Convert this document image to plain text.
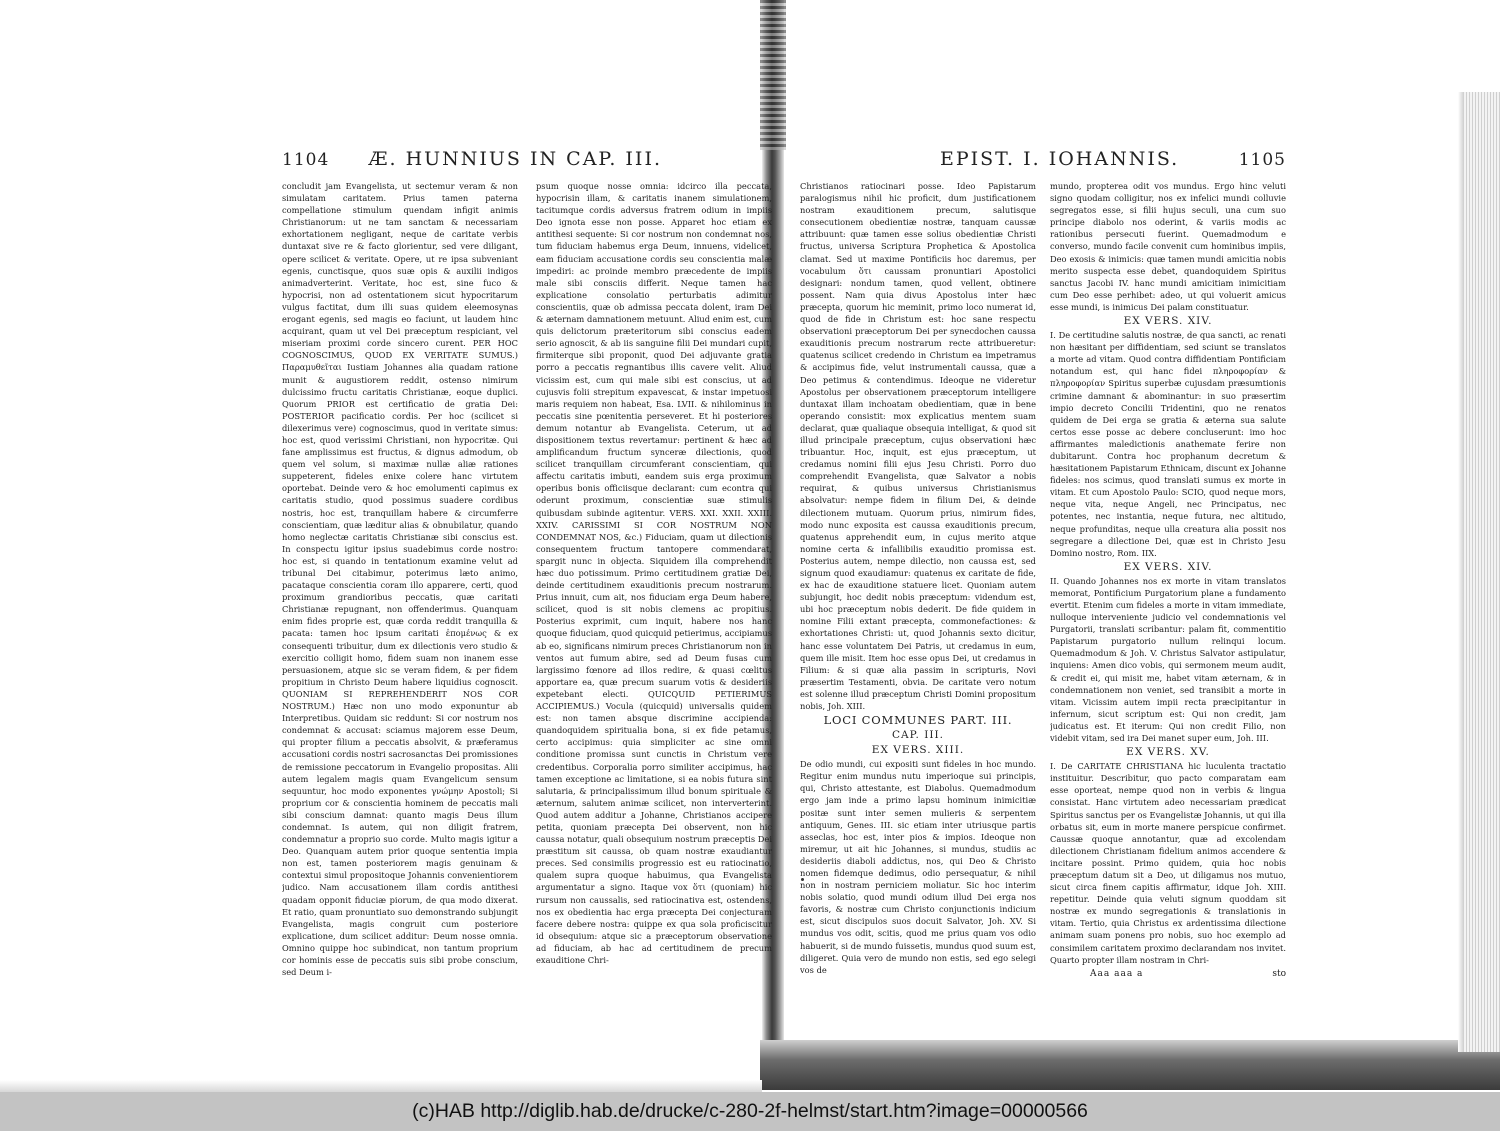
1104 Æ. HUNNIUS IN CAP. III.

concludit jam Evangelista, ut sectemur veram & non simulatam caritatem. Prius tamen paterna compellatione stimulum quendam infigit animis Christianorum: ut ne tam sanctam & necessariam exhortationem negligant, neque de caritate verbis duntaxat sive re & facto glorientur, sed vere diligant, opere scilicet & veritate. Opere, ut re ipsa subveniant egenis, cunctisque, quos suæ opis & auxilii indigos animadverterint. Veritate, hoc est, sine fuco & hypocrisi, non ad ostentationem sicut hypocritarum vulgus factitat, dum illi suas quidem eleemosynas erogant egenis, sed magis eo faciunt, ut laudem hinc acquirant, quam ut vel Dei præceptum respiciant, vel miseriam proximi corde sincero curent. PER HOC COGNOSCIMUS, QUOD EX VERITATE SUMUS.) Παραμυθεῖται Iustiam Johannes alia quadam ratione munit & augustiorem reddit, ostenso nimirum dulcissimo fructu caritatis Christianæ, eoque duplici. Quorum PRIOR est certificatio de gratia Dei: POSTERIOR pacificatio cordis. Per hoc (scilicet si dilexerimus vere) cognoscimus, quod in veritate simus: hoc est, quod verissimi Christiani, non hypocritæ. Qui fane amplissimus est fructus, & dignus admodum, ob quem vel solum, si maximæ nullæ aliæ rationes suppeterent, fideles enixe colere hanc virtutem oportebat. Deinde vero & hoc emolumenti capimus ex caritatis studio, quod possimus suadere cordibus nostris, hoc est, tranquillam habere & circumferre conscientiam, quæ læditur alias & obnubilatur, quando homo neglectæ caritatis Christianæ sibi conscius est. In conspectu igitur ipsius suadebimus corde nostro: hoc est, si quando in tentationum examine velut ad tribunal Dei citabimur, poterimus læto animo, pacataque conscientia coram illo apparere, certi, quod proximum grandioribus peccatis, quæ caritati Christianæ repugnant, non offenderimus. Quanquam enim fides proprie est, quæ corda reddit tranquilla & pacata: tamen hoc ipsum caritati ἐπομένως & ex consequenti tribuitur, dum ex dilectionis vero studio & exercitio colligit homo, fidem suam non inanem esse persuasionem, atque sic se veram fidem, & per fidem propitium in Christo Deum habere liquidius cognoscit. QUONIAM SI REPREHENDERIT NOS COR NOSTRUM.) Hæc non uno modo exponuntur ab Interpretibus. Quidam sic reddunt: Si cor nostrum nos condemnat & accusat: sciamus majorem esse Deum, qui propter filium a peccatis absolvit, & præferamus accusationi cordis nostri sacrosanctas Dei promissiones de remissione peccatorum in Evangelio propositas. Alii autem legalem magis quam Evangelicum sensum sequuntur, hoc modo exponentes γνώμην Apostoli; Si proprium cor & conscientia hominem de peccatis mali sibi conscium damnat: quanto magis Deus illum condemnat. Is autem, qui non diligit fratrem, condemnatur a proprio suo corde. Multo magis igitur a Deo. Quanquam autem prior quoque sententia impia non est, tamen posteriorem magis genuinam & contextui simul propositoque Johannis convenientiorem judico. Nam accusationem illam cordis antithesi quadam opponit fiduciæ piorum, de qua modo dixerat. Et ratio, quam pronuntiato suo demonstrando subjungit Evangelista, magis congruit cum posteriore explicatione, dum scilicet additur: Deum nosse omnia. Omnino quippe hoc subindicat, non tantum proprium cor hominis esse de peccatis suis sibi probe conscium, sed Deum i-

psum quoque nosse omnia: idcirco illa peccata, hypocrisin illam, & caritatis inanem simulationem, tacitumque cordis adversus fratrem odium in impiis Deo ignota esse non posse. Apparet hoc etiam ex antithesi sequente: Si cor nostrum non condemnat nos, tum fiduciam habemus erga Deum, innuens, videlicet, eam fiduciam accusatione cordis seu conscientia malæ impediri: ac proinde membro præcedente de impiis male sibi consciis differit. Neque tamen hac explicatione consolatio perturbatis adimitur conscientiis, quæ ob admissa peccata dolent, iram Dei & æternam damnationem metuunt. Aliud enim est, cum quis delictorum præteritorum sibi conscius eadem serio agnoscit, & ab iis sanguine filii Dei mundari cupit, firmiterque sibi proponit, quod Dei adjuvante gratia porro a peccatis regnantibus illis cavere velit. Aliud vicissim est, cum qui male sibi est conscius, ut ad cujusvis folii strepitum expavescat, & instar impetuosi maris requiem non habeat, Esa. LVII. & nihilominus in peccatis sine pœnitentia perseveret. Et hi posteriores demum notantur ab Evangelista. Ceterum, ut ad dispositionem textus revertamur: pertinent & hæc ad amplificandum fructum synceræ dilectionis, quod scilicet tranquillam circumferant conscientiam, qui affectu caritatis imbuti, eandem suis erga proximum operibus bonis officiisque declarant: cum econtra qui oderunt proximum, conscientiæ suæ stimulis quibusdam subinde agitentur. VERS. XXI. XXII. XXIII. XXIV. CARISSIMI SI COR NOSTRUM NON CONDEMNAT NOS, &c.) Fiduciam, quam ut dilectionis consequentem fructum tantopere commendarat, spargit nunc in objecta. Siquidem illa comprehendit hæc duo potissimum. Primo certitudinem gratiæ Dei, deinde certitudinem exauditionis precum nostrarum. Prius innuit, cum ait, nos fiduciam erga Deum habere, scilicet, quod is sit nobis clemens ac propitius. Posterius exprimit, cum inquit, habere nos hanc quoque fiduciam, quod quicquid petierimus, accipiamus ab eo, significans nimirum preces Christianorum non in ventos aut fumum abire, sed ad Deum fusas cum largissimo fœnore ad illos redire, & quasi cœlitus apportare ea, quæ precum suarum votis & desideriis expetebant electi. QUICQUID PETIERIMUS ACCIPIEMUS.) Vocula (quicquid) universalis quidem est: non tamen absque discrimine accipienda: quandoquidem spiritualia bona, si ex fide petamus, certo accipimus: quia simpliciter ac sine omni conditione promissa sunt cunctis in Christum vere credentibus. Corporalia porro similiter accipimus, hac tamen exceptione ac limitatione, si ea nobis futura sint salutaria, & principalissimum illud bonum spirituale & æternum, salutem animæ scilicet, non interverterint. Quod autem additur a Johanne, Christianos accipere petita, quoniam præcepta Dei observent, non hic caussa notatur, quali obsequium nostrum præceptis Dei præstitum sit caussa, ob quam nostræ exaudiantur preces. Sed consimilis progressio est eu ratiocinatio, qualem supra quoque habuimus, qua Evangelista argumentatur a signo. Itaque vox ὅτι (quoniam) hic rursum non caussalis, sed ratiocinativa est, ostendens, nos ex obedientia hac erga præcepta Dei conjecturam facere debere nostra: quippe ex qua sola proficiscitur id obsequium: atque sic a præceptorum observatione ad fiduciam, ab hac ad certitudinem de precum exauditione Chri-

EPIST. I. IOHANNIS.	1105

Christianos ratiocinari posse. Ideo Papistarum paralogismus nihil hic proficit, dum justificationem nostram exauditionem precum, salutisque consecutionem obedientiæ nostræ, tanquam caussæ attribuunt: quæ tamen esse solius obedientiæ Christi fructus, universa Scriptura Prophetica & Apostolica clamat. Sed ut maxime Pontificiis hoc daremus, per vocabulum ὅτι caussam pronuntiari Apostolici designari: nondum tamen, quod vellent, obtinere possent. Nam quia divus Apostolus inter hæc præcepta, quorum hic meminit, primo loco numerat id, quod de fide in Christum est: hoc sane respectu observationi præceptorum Dei per synecdochen caussa exauditionis precum nostrarum recte attribueretur: quatenus scilicet credendo in Christum ea impetramus & accipimus fide, velut instrumentali caussa, quæ a Deo petimus & contendimus. Ideoque ne videretur Apostolus per observationem præceptorum intelligere duntaxat illam inchoatam obedientiam, quæ in bene operando consistit: mox explicatius mentem suam declarat, quæ qualiaque obsequia intelligat, & quod sit illud principale præceptum, cujus observationi hæc tribuantur. Hoc, inquit, est ejus præceptum, ut credamus nomini filii ejus Jesu Christi. Porro duo comprehendit Evangelista, quæ Salvator a nobis requirat, & quibus universus Christianismus absolvatur: nempe fidem in filium Dei, & deinde dilectionem mutuam. Quorum prius, nimirum fides, modo nunc exposita est caussa exauditionis precum, quatenus apprehendit eum, in cujus merito atque nomine certa & infallibilis exauditio promissa est. Posterius autem, nempe dilectio, non caussa est, sed signum quod exaudiamur: quatenus ex caritate de fide, ex hac de exauditione statuere licet. Quoniam autem subjungit, hoc dedit nobis præceptum: videndum est, ubi hoc præceptum nobis dederit. De fide quidem in nomine Filii extant præcepta, commonefactiones: & exhortationes Christi: ut, quod Johannis sexto dicitur, hanc esse voluntatem Dei Patris, ut credamus in eum, quem ille misit. Item hoc esse opus Dei, ut credamus in Filium: & si quæ alia passim in scripturis, Novi præsertim Testamenti, obvia. De caritate vero notum est solenne illud præceptum Christi Domini propositum nobis, Joh. XIII.

LOCI COMMUNES PART. III.
CAP. III.
EX VERS. XIII.

De odio mundi, cui expositi sunt fideles in hoc mundo. Regitur enim mundus nutu imperioque sui principis, qui, Christo attestante, est Diabolus. Quemadmodum ergo jam inde a primo lapsu hominum inimicitiæ positæ sunt inter semen mulieris & serpentem antiquum, Genes. III. sic etiam inter utriusque partis asseclas, hoc est, inter pios & impios. Ideoque non miremur, ut ait hic Johannes, si mundus, studiis ac desideriis diaboli addictus, nos, qui Deo & Christo nomen fidemque dedimus, odio persequatur, & nihil non in nostram perniciem moliatur. Sic hoc interim nobis solatio, quod mundi odium illud Dei erga nos favoris, & nostræ cum Christo conjunctionis indicium est, sicut discipulos suos docuit Salvator, Joh. XV. Si mundus vos odit, scitis, quod me prius quam vos odio habuerit, si de mundo fuissetis, mundus quod suum est, diligeret. Quia vero de mundo non estis, sed ego selegi vos de

mundo, propterea odit vos mundus. Ergo hinc veluti signo quodam colligitur, nos ex infelici mundi colluvie segregatos esse, si filii hujus seculi, una cum suo principe diabolo nos oderint, & variis modis ac rationibus persecuti fuerint. Quemadmodum e converso, mundo facile convenit cum hominibus impiis, Deo exosis & inimicis: quæ tamen mundi amicitia nobis merito suspecta esse debet, quandoquidem Spiritus sanctus Jacobi IV. hanc mundi amicitiam inimicitiam cum Deo esse perhibet: adeo, ut qui voluerit amicus esse mundi, is inimicus Dei palam constituatur.

EX VERS. XIV.

I. De certitudine salutis nostræ, de qua sancti, ac renati non hæsitant per diffidentiam, sed sciunt se translatos a morte ad vitam. Quod contra diffidentiam Pontificiam notandum est, qui hanc fidei πληροφορίαν & πληροφορίαν Spiritus superbæ cujusdam præsumtionis crimine damnant & abominantur: in suo præsertim impio decreto Concilii Tridentini, quo ne renatos quidem de Dei erga se gratia & æterna sua salute certos esse posse ac debere concluserunt: imo hoc affirmantes maledictionis anathemate ferire non dubitarunt. Contra hoc prophanum decretum & hæsitationem Papistarum Ethnicam, discunt ex Johanne fideles: nos scimus, quod translati sumus ex morte in vitam. Et cum Apostolo Paulo: SCIO, quod neque mors, neque vita, neque Angeli, nec Principatus, nec potentes, nec instantia, neque futura, nec altitudo, neque profunditas, neque ulla creatura alia possit nos segregare a dilectione Dei, quæ est in Christo Jesu Domino nostro, Rom. IIX.

EX VERS. XIV.

II. Quando Johannes nos ex morte in vitam translatos memorat, Pontificium Purgatorium plane a fundamento evertit. Etenim cum fideles a morte in vitam immediate, nulloque interveniente judicio vel condemnationis vel Purgatorii, translati scribantur: palam fit, commentitio Papistarum purgatorio nullum relinqui locum. Quemadmodum & Joh. V. Christus Salvator astipulatur, inquiens: Amen dico vobis, qui sermonem meum audit, & credit ei, qui misit me, habet vitam æternam, & in condemnationem non veniet, sed transibit a morte in vitam. Vicissim autem impii recta præcipitantur in infernum, sicut scriptum est: Qui non credit, jam judicatus est. Et iterum: Qui non credit Filio, non videbit vitam, sed ira Dei manet super eum, Joh. III.

EX VERS. XV.

I. De CARITATE CHRISTIANA hic luculenta tractatio instituitur. Describitur, quo pacto comparatam eam esse oporteat, nempe quod non in verbis & lingua consistat. Hanc virtutem adeo necessariam prædicat Spiritus sanctus per os Evangelistæ Johannis, ut qui illa orbatus sit, eum in morte manere perspicue confirmet. Caussæ quoque annotantur, quæ ad excolendam dilectionem Christianam fidelium animos accendere & incitare possint. Primo quidem, quia hoc nobis præceptum datum sit a Deo, ut diligamus nos mutuo, sicut circa finem capitis affirmatur, idque Joh. XIII. repetitur. Deinde quia veluti signum quoddam sit nostræ ex mundo segregationis & translationis in vitam. Tertio, quia Christus ex ardentissima dilectione animam suam ponens pro nobis, suo hoc exemplo ad consimilem caritatem proximo declarandam nos invitet. Quarto propter illam nostram in Chri-

Aaa aaa a	sto
(c)HAB http://diglib.hab.de/drucke/c-280-2f-helmst/start.htm?image=00000566
